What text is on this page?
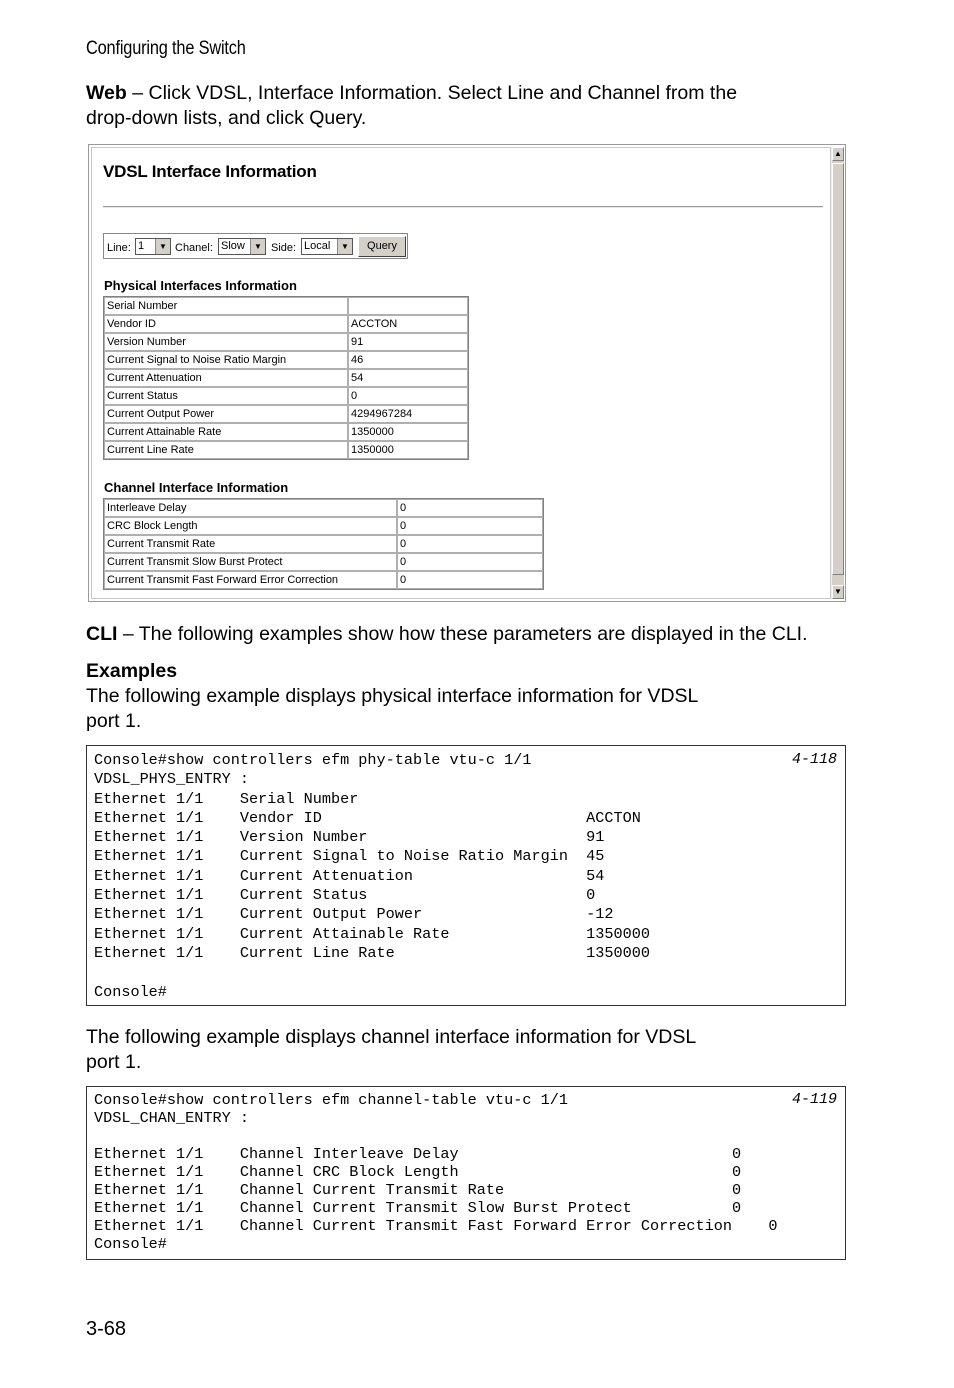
Configuring the Switch
Web – Click VDSL, Interface Information. Select Line and Channel from the
drop-down lists, and click Query.
▲
▼
VDSL Interface Information
Line: 1	▼ Chanel: Slow	▼ Side: Local	▼	Query
Physical Interfaces Information
Serial Number	
Vendor ID	ACCTON
Version Number	91
Current Signal to Noise Ratio Margin	46
Current Attenuation	54
Current Status	0
Current Output Power	4294967284
Current Attainable Rate	1350000
Current Line Rate	1350000
Channel Interface Information
Interleave Delay	0
CRC Block Length	0
Current Transmit Rate	0
Current Transmit Slow Burst Protect	0
Current Transmit Fast Forward Error Correction	0
CLI – The following examples show how these parameters are displayed in the CLI.
Examples
The following example displays physical interface information for VDSL
port 1.
Console#show controllers efm phy-table vtu-c 1/1
VDSL_PHYS_ENTRY :
Ethernet 1/1    Serial Number
Ethernet 1/1    Vendor ID                             ACCTON
Ethernet 1/1    Version Number                        91
Ethernet 1/1    Current Signal to Noise Ratio Margin  45
Ethernet 1/1    Current Attenuation                   54
Ethernet 1/1    Current Status                        0
Ethernet 1/1    Current Output Power                  -12
Ethernet 1/1    Current Attainable Rate               1350000
Ethernet 1/1    Current Line Rate                     1350000

Console#
4-118
The following example displays channel interface information for VDSL
port 1.
Console#show controllers efm channel-table vtu-c 1/1
VDSL_CHAN_ENTRY :

Ethernet 1/1    Channel Interleave Delay                              0
Ethernet 1/1    Channel CRC Block Length                              0
Ethernet 1/1    Channel Current Transmit Rate                         0
Ethernet 1/1    Channel Current Transmit Slow Burst Protect           0
Ethernet 1/1    Channel Current Transmit Fast Forward Error Correction    0
Console#
4-119
3-68
